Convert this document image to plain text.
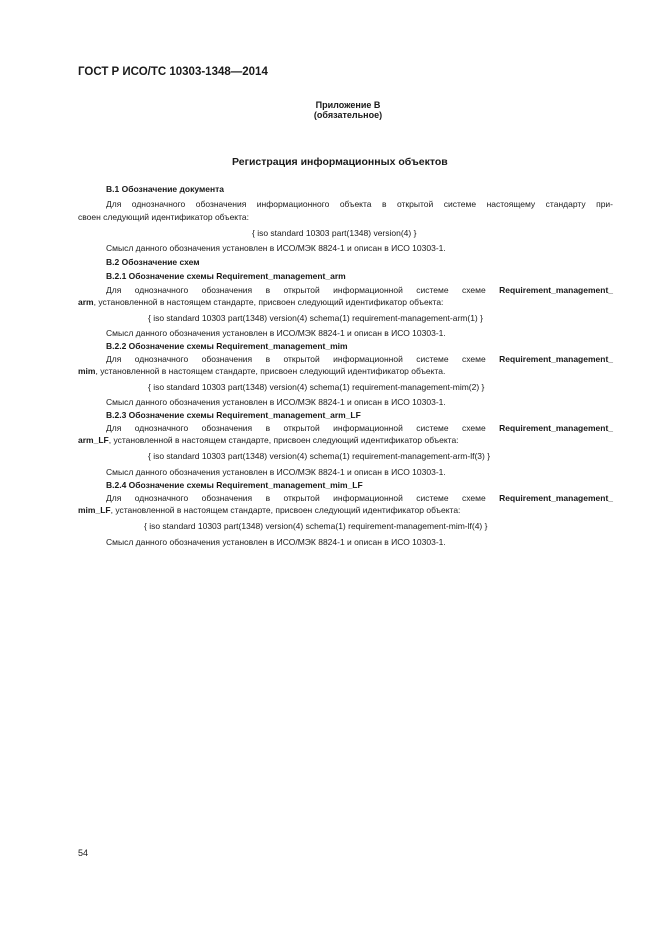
ГОСТ Р ИСО/ТС 10303-1348—2014
Приложение В
(обязательное)
Регистрация информационных объектов
В.1 Обозначение документа
Для однозначного обозначения информационного объекта в открытой системе настоящему стандарту при-
своен следующий идентификатор объекта:
{ iso standard 10303 part(1348) version(4) }
Смысл данного обозначения установлен в ИСО/МЭК 8824-1 и описан в ИСО 10303-1.
В.2 Обозначение схем
В.2.1 Обозначение схемы Requirement_management_arm
Для однозначного обозначения в открытой информационной системе схеме Requirement_management_
arm, установленной в настоящем стандарте, присвоен следующий идентификатор объекта:
{ iso standard 10303 part(1348) version(4) schema(1) requirement-management-arm(1) }
Смысл данного обозначения установлен в ИСО/МЭК 8824-1 и описан в ИСО 10303-1.
В.2.2 Обозначение схемы Requirement_management_mim
Для однозначного обозначения в открытой информационной системе схеме Requirement_management_
mim, установленной в настоящем стандарте, присвоен следующий идентификатор объекта.
{ iso standard 10303 part(1348) version(4) schema(1) requirement-management-mim(2) }
Смысл данного обозначения установлен в ИСО/МЭК 8824-1 и описан в ИСО 10303-1.
В.2.3 Обозначение схемы Requirement_management_arm_LF
Для однозначного обозначения в открытой информационной системе схеме Requirement_management_
arm_LF, установленной в настоящем стандарте, присвоен следующий идентификатор объекта:
{ iso standard 10303 part(1348) version(4) schema(1) requirement-management-arm-lf(3) }
Смысл данного обозначения установлен в ИСО/МЭК 8824-1 и описан в ИСО 10303-1.
В.2.4 Обозначение схемы Requirement_management_mim_LF
Для однозначного обозначения в открытой информационной системе схеме Requirement_management_
mim_LF, установленной в настоящем стандарте, присвоен следующий идентификатор объекта:
{ iso standard 10303 part(1348) version(4) schema(1) requirement-management-mim-lf(4) }
Смысл данного обозначения установлен в ИСО/МЭК 8824-1 и описан в ИСО 10303-1.
54
